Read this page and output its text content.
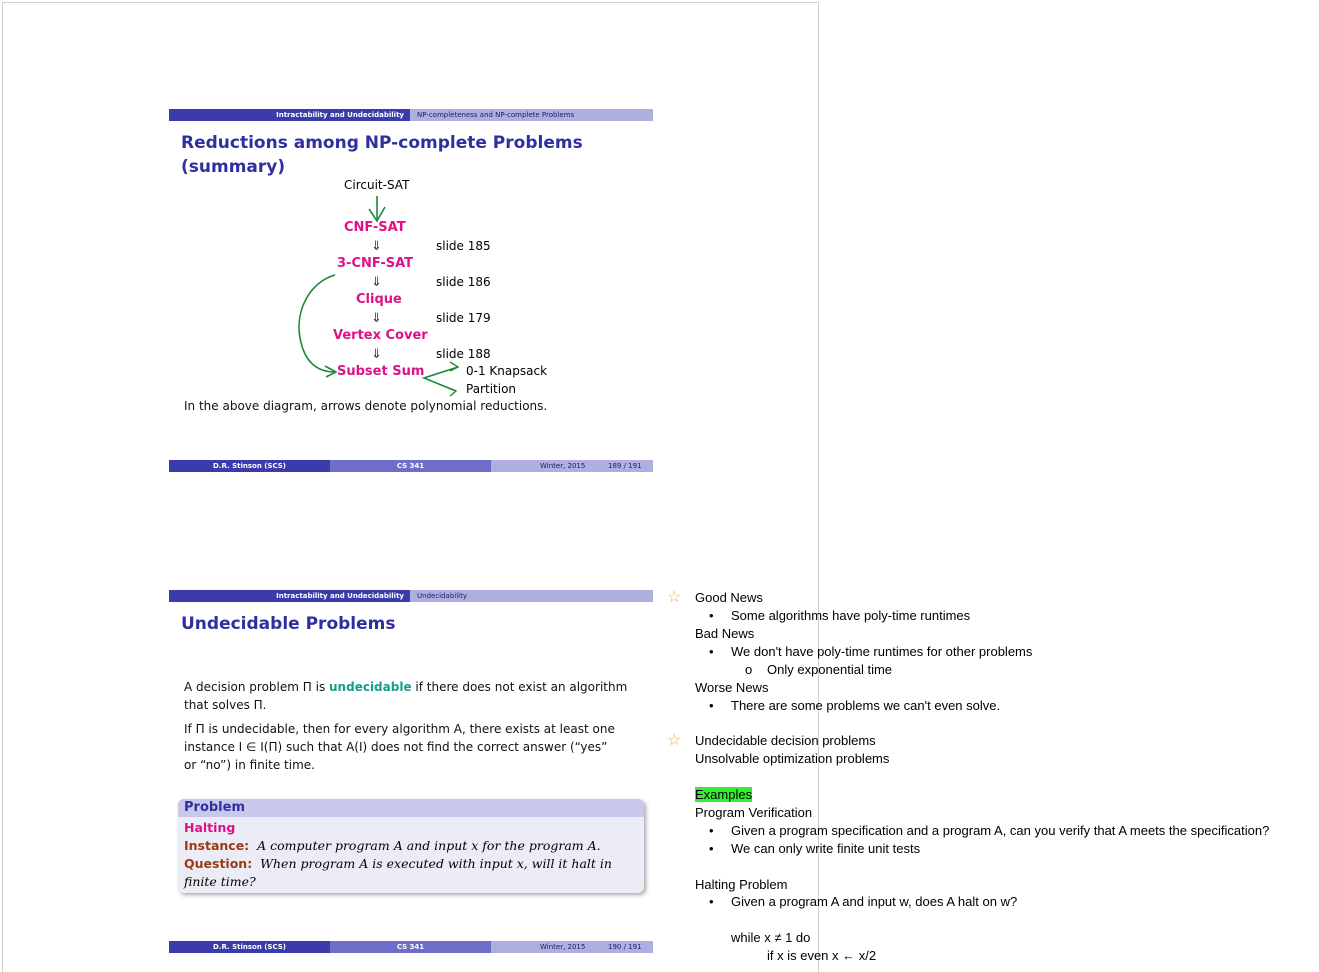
Intractability and Undecidability	NP-completeness and NP-complete Problems
Reductions among NP-complete Problems
(summary)
Circuit-SAT
CNF-SAT
⇓	slide 185
3-CNF-SAT
⇓	slide 186
Clique
⇓	slide 179
Vertex Cover
⇓	slide 188
Subset Sum	0-1 Knapsack
Partition
In the above diagram, arrows denote polynomial reductions.
D.R. Stinson (SCS)	CS 341	Winter, 2015	189 / 191
Intractability and Undecidability	Undecidability
Undecidable Problems
A decision problem Π is undecidable if there does not exist an algorithm
that solves Π.
If Π is undecidable, then for every algorithm A, there exists at least one
instance I ∈ I(Π) such that A(I) does not find the correct answer (“yes”
or “no”) in finite time.
Problem
Halting
Instance: A computer program A and input x for the program A.
Question: When program A is executed with input x, will it halt in
finite time?
D.R. Stinson (SCS)	CS 341	Winter, 2015	190 / 191
☆ Good News
• Some algorithms have poly-time runtimes
Bad News
• We don't have poly-time runtimes for other problems
o Only exponential time
Worse News
• There are some problems we can't even solve.
☆ Undecidable decision problems
Unsolvable optimization problems
Examples
Program Verification
• Given a program specification and a program A, can you verify that A meets the specification?
• We can only write finite unit tests
Halting Problem
• Given a program A and input w, does A halt on w?
while x ≠ 1 do
if x is even x ← x/2
